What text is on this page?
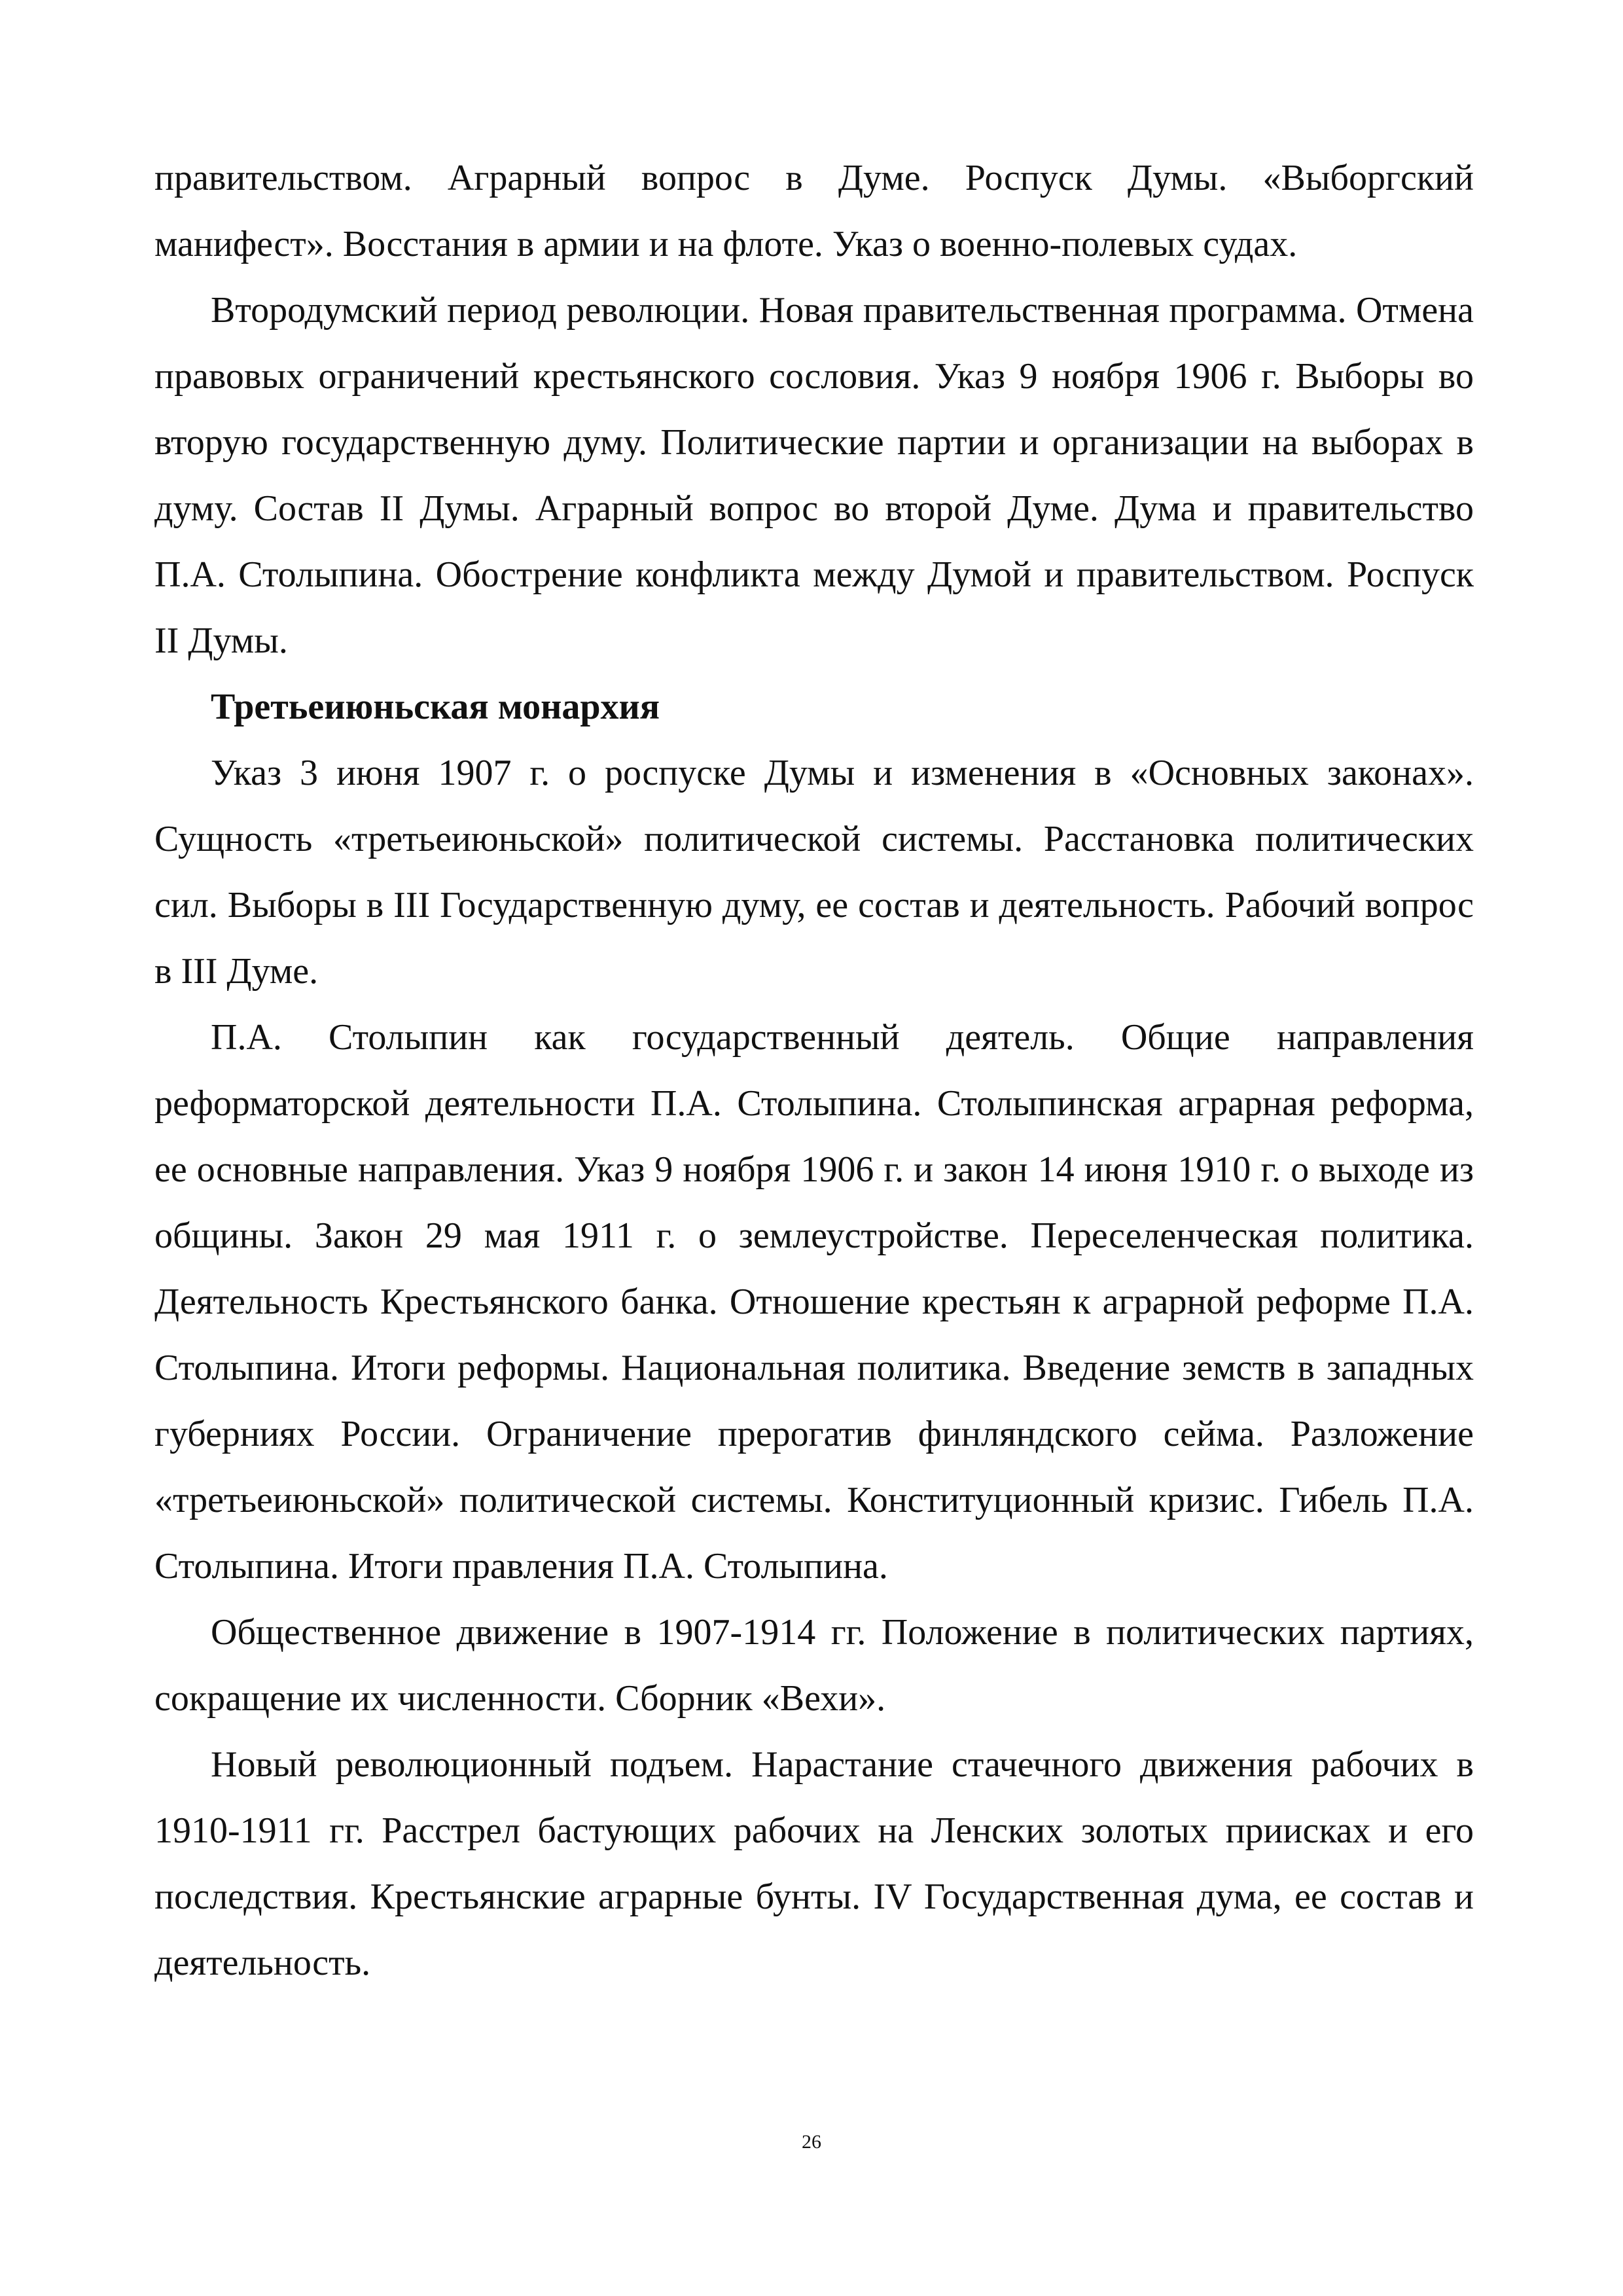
правительством. Аграрный вопрос в Думе. Роспуск Думы. «Выборгский манифест». Восстания в армии и на флоте. Указ о военно-полевых судах.

Втородумский период революции. Новая правительственная программа. Отмена правовых ограничений крестьянского сословия. Указ 9 ноября 1906 г. Выборы во вторую государственную думу. Политические партии и организации на выборах в думу. Состав II Думы. Аграрный вопрос во второй Думе. Дума и правительство П.А. Столыпина. Обострение конфликта между Думой и правительством. Роспуск II Думы.

Третьеиюньская монархия

Указ 3 июня 1907 г. о роспуске Думы и изменения в «Основных законах». Сущность «третьеиюньской» политической системы. Расстановка политических сил. Выборы в III Государственную думу, ее состав и деятельность. Рабочий вопрос в III Думе.

П.А. Столыпин как государственный деятель. Общие направления реформаторской деятельности П.А. Столыпина. Столыпинская аграрная реформа, ее основные направления. Указ 9 ноября 1906 г. и закон 14 июня 1910 г. о выходе из общины. Закон 29 мая 1911 г. о землеустройстве. Переселенческая политика. Деятельность Крестьянского банка. Отношение крестьян к аграрной реформе П.А. Столыпина. Итоги реформы. Национальная политика. Введение земств в западных губерниях России. Ограничение прерогатив финляндского сейма. Разложение «третьеиюньской» политической системы. Конституционный кризис. Гибель П.А. Столыпина. Итоги правления П.А. Столыпина.

Общественное движение в 1907-1914 гг. Положение в политических партиях, сокращение их численности. Сборник «Вехи».

Новый революционный подъем. Нарастание стачечного движения рабочих в 1910-1911 гг. Расстрел бастующих рабочих на Ленских золотых приисках и его последствия. Крестьянские аграрные бунты. IV Государственная дума, ее состав и деятельность.

26
